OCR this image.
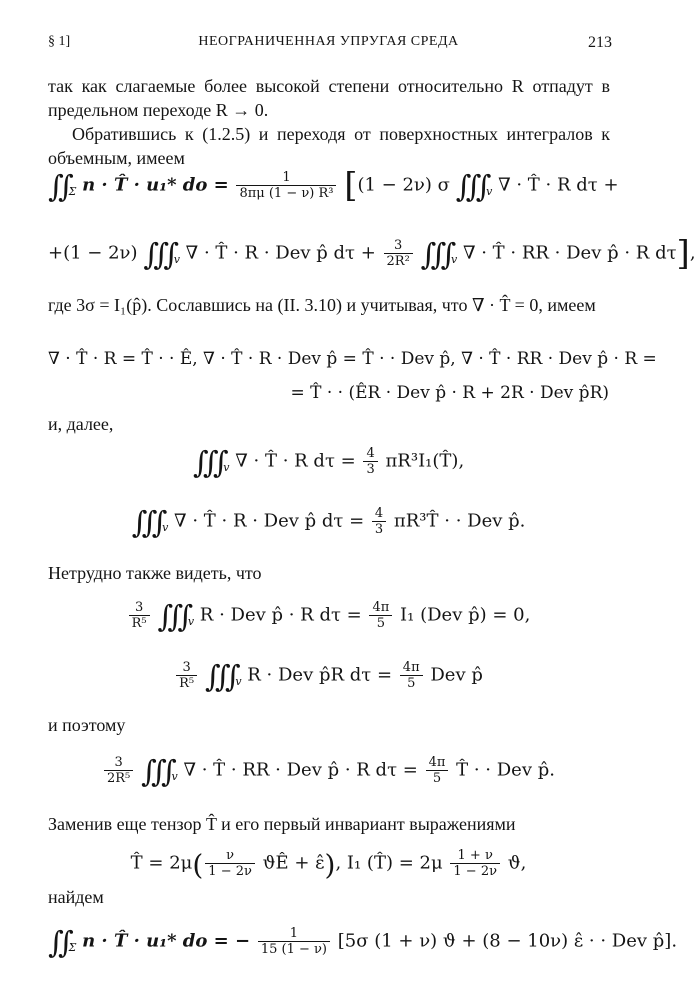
§ 1]	НЕОГРАНИЧЕННАЯ УПРУГАЯ СРЕДА	213

так как слагаемые более высокой степени относительно R отпадут в предельном переходе R → 0.

Обратившись к (1.2.5) и переходя от поверхностных интегралов к объемным, имеем

$∬_\Sigma$ n · T̂ · u₁* do = $\frac{1}{\text{8πμ (1 − ν) R³}} [(1 - 2\nu)$ σ $∭_v$ ∇ · T̂ · R dτ +
+(1 − 2ν) $∭_v$ ∇ · T̂ · R · Dev p̂ $d\tau + \frac{3}{\text{2R²}}$ $∭_v$ ∇ · T̂ · RR · Dev p̂ · R dτ],

где 3σ = I₁(p̂). Сославшись на (II. 3.10) и учитывая, что ∇ · T̂ = 0, имеем

∇ · T̂ · R = T̂ · · Ê, ∇ · T̂ · R · Dev p̂ = T̂ · · Dev p̂, ∇ · T̂ · RR · Dev p̂ · R =
= T̂ · · (ÊR · Dev p̂ · R + 2R · Dev p̂R)

и, далее,

$∭_v$ ∇ · T̂ · R $d\tau = \frac{4}{3}$ πR³I₁(T̂),
$∭_v$ ∇ · T̂ · R · Dev p̂ $d\tau = \frac{4}{3}$ πR³T̂ · · Dev p̂.

Нетрудно также видеть, что

$\frac{3}{\text{R⁵}}$ $∭_v$ R · Dev p̂ · R $d\tau = \frac{4\pi}{5} I_1$ (Dev p̂) = 0,
$\frac{3}{\text{R⁵}}$ $∭_v$ R · Dev p̂R $d\tau = \frac{4\pi}{5}$ Dev p̂

и поэтому

$\frac{3}{\text{2R⁵}}$ $∭_v$ ∇ · T̂ · RR · Dev p̂ · R $d\tau = \frac{4\pi}{5}$ T̂ · · Dev p̂.

Заменив еще тензор T̂ и его первый инвариант выражениями

T̂ = $2\mu( \frac{\nu}{1 - 2\nu}$ ϑÊ + ε̂), I₁ (T̂) = $2\mu \frac{1 + \nu}{1 - 2\nu} ϑ$,

найдем

$∬_\Sigma$ n · T̂ · u₁* do = − $\frac{1}{15 (1 - \nu)} [5\sigma$ (1 + ν) ϑ + (8 − 10ν) ε̂ · · Dev p̂].
